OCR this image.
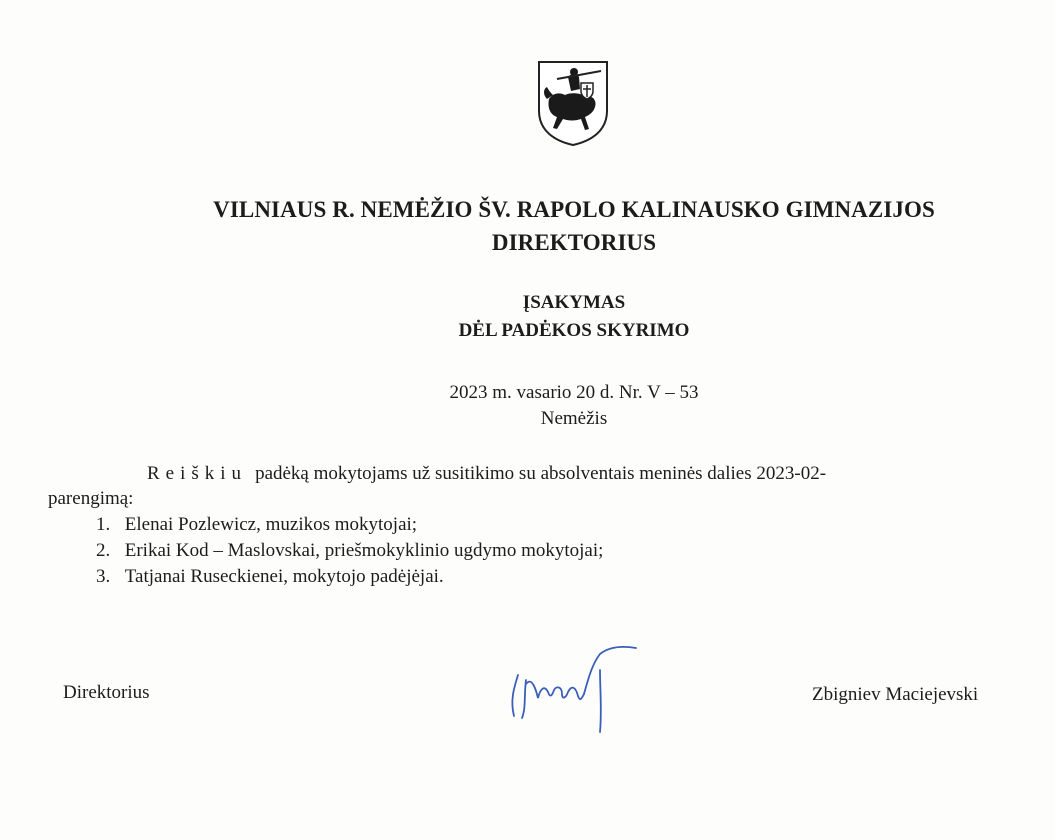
VILNIAUS R. NEMĖŽIO ŠV. RAPOLO KALINAUSKO GIMNAZIJOS
DIREKTORIUS
ĮSAKYMAS
DĖL PADĖKOS SKYRIMO
2023 m. vasario 20 d. Nr. V – 53
Nemėžis
Reiškiu padėką mokytojams už susitikimo su absolventais meninės dalies 2023-02-
parengimą:
1. Elenai Pozlewicz, muzikos mokytojai;
2. Erikai Kod – Maslovskai, priešmokyklinio ugdymo mokytojai;
3. Tatjanai Ruseckienei, mokytojo padėjėjai.
Direktorius	Zbigniev Maciejevski
